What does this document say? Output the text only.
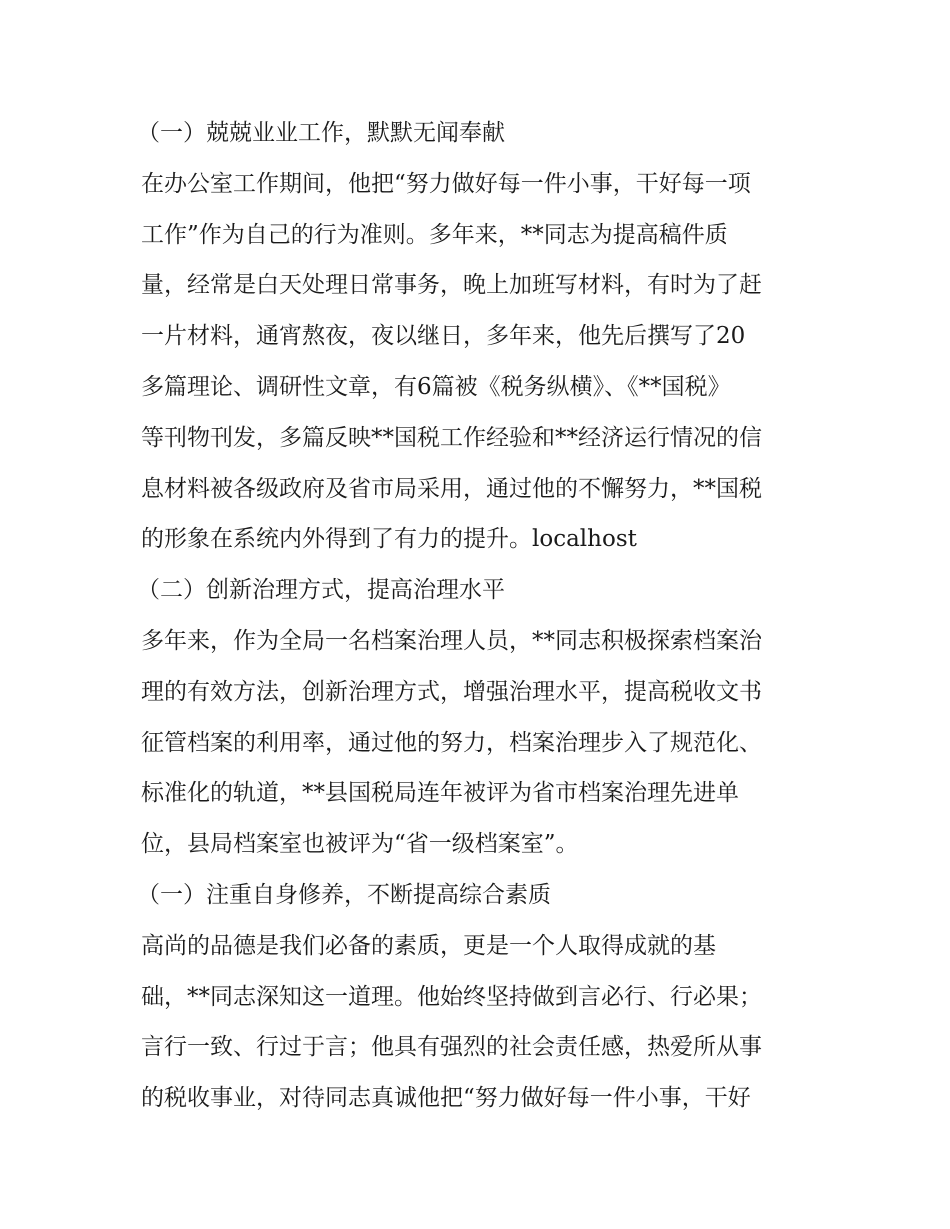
（一）兢兢业业工作，默默无闻奉献
在办公室工作期间，他把“努力做好每一件小事，干好每一项
工作”作为自己的行为准则。多年来，**同志为提高稿件质
量，经常是白天处理日常事务，晚上加班写材料，有时为了赶
一片材料，通宵熬夜，夜以继日，多年来，他先后撰写了20
多篇理论、调研性文章，有6篇被《税务纵横》、《**国税》
等刊物刊发，多篇反映**国税工作经验和**经济运行情况的信
息材料被各级政府及省市局采用，通过他的不懈努力，**国税
的形象在系统内外得到了有力的提升。localhost
（二）创新治理方式，提高治理水平
多年来，作为全局一名档案治理人员，**同志积极探索档案治
理的有效方法，创新治理方式，增强治理水平，提高税收文书
征管档案的利用率，通过他的努力，档案治理步入了规范化、
标准化的轨道，**县国税局连年被评为省市档案治理先进单
位，县局档案室也被评为“省一级档案室”。
（一）注重自身修养，不断提高综合素质
高尚的品德是我们必备的素质，更是一个人取得成就的基
础，**同志深知这一道理。他始终坚持做到言必行、行必果；
言行一致、行过于言；他具有强烈的社会责任感，热爱所从事
的税收事业，对待同志真诚他把“努力做好每一件小事，干好
